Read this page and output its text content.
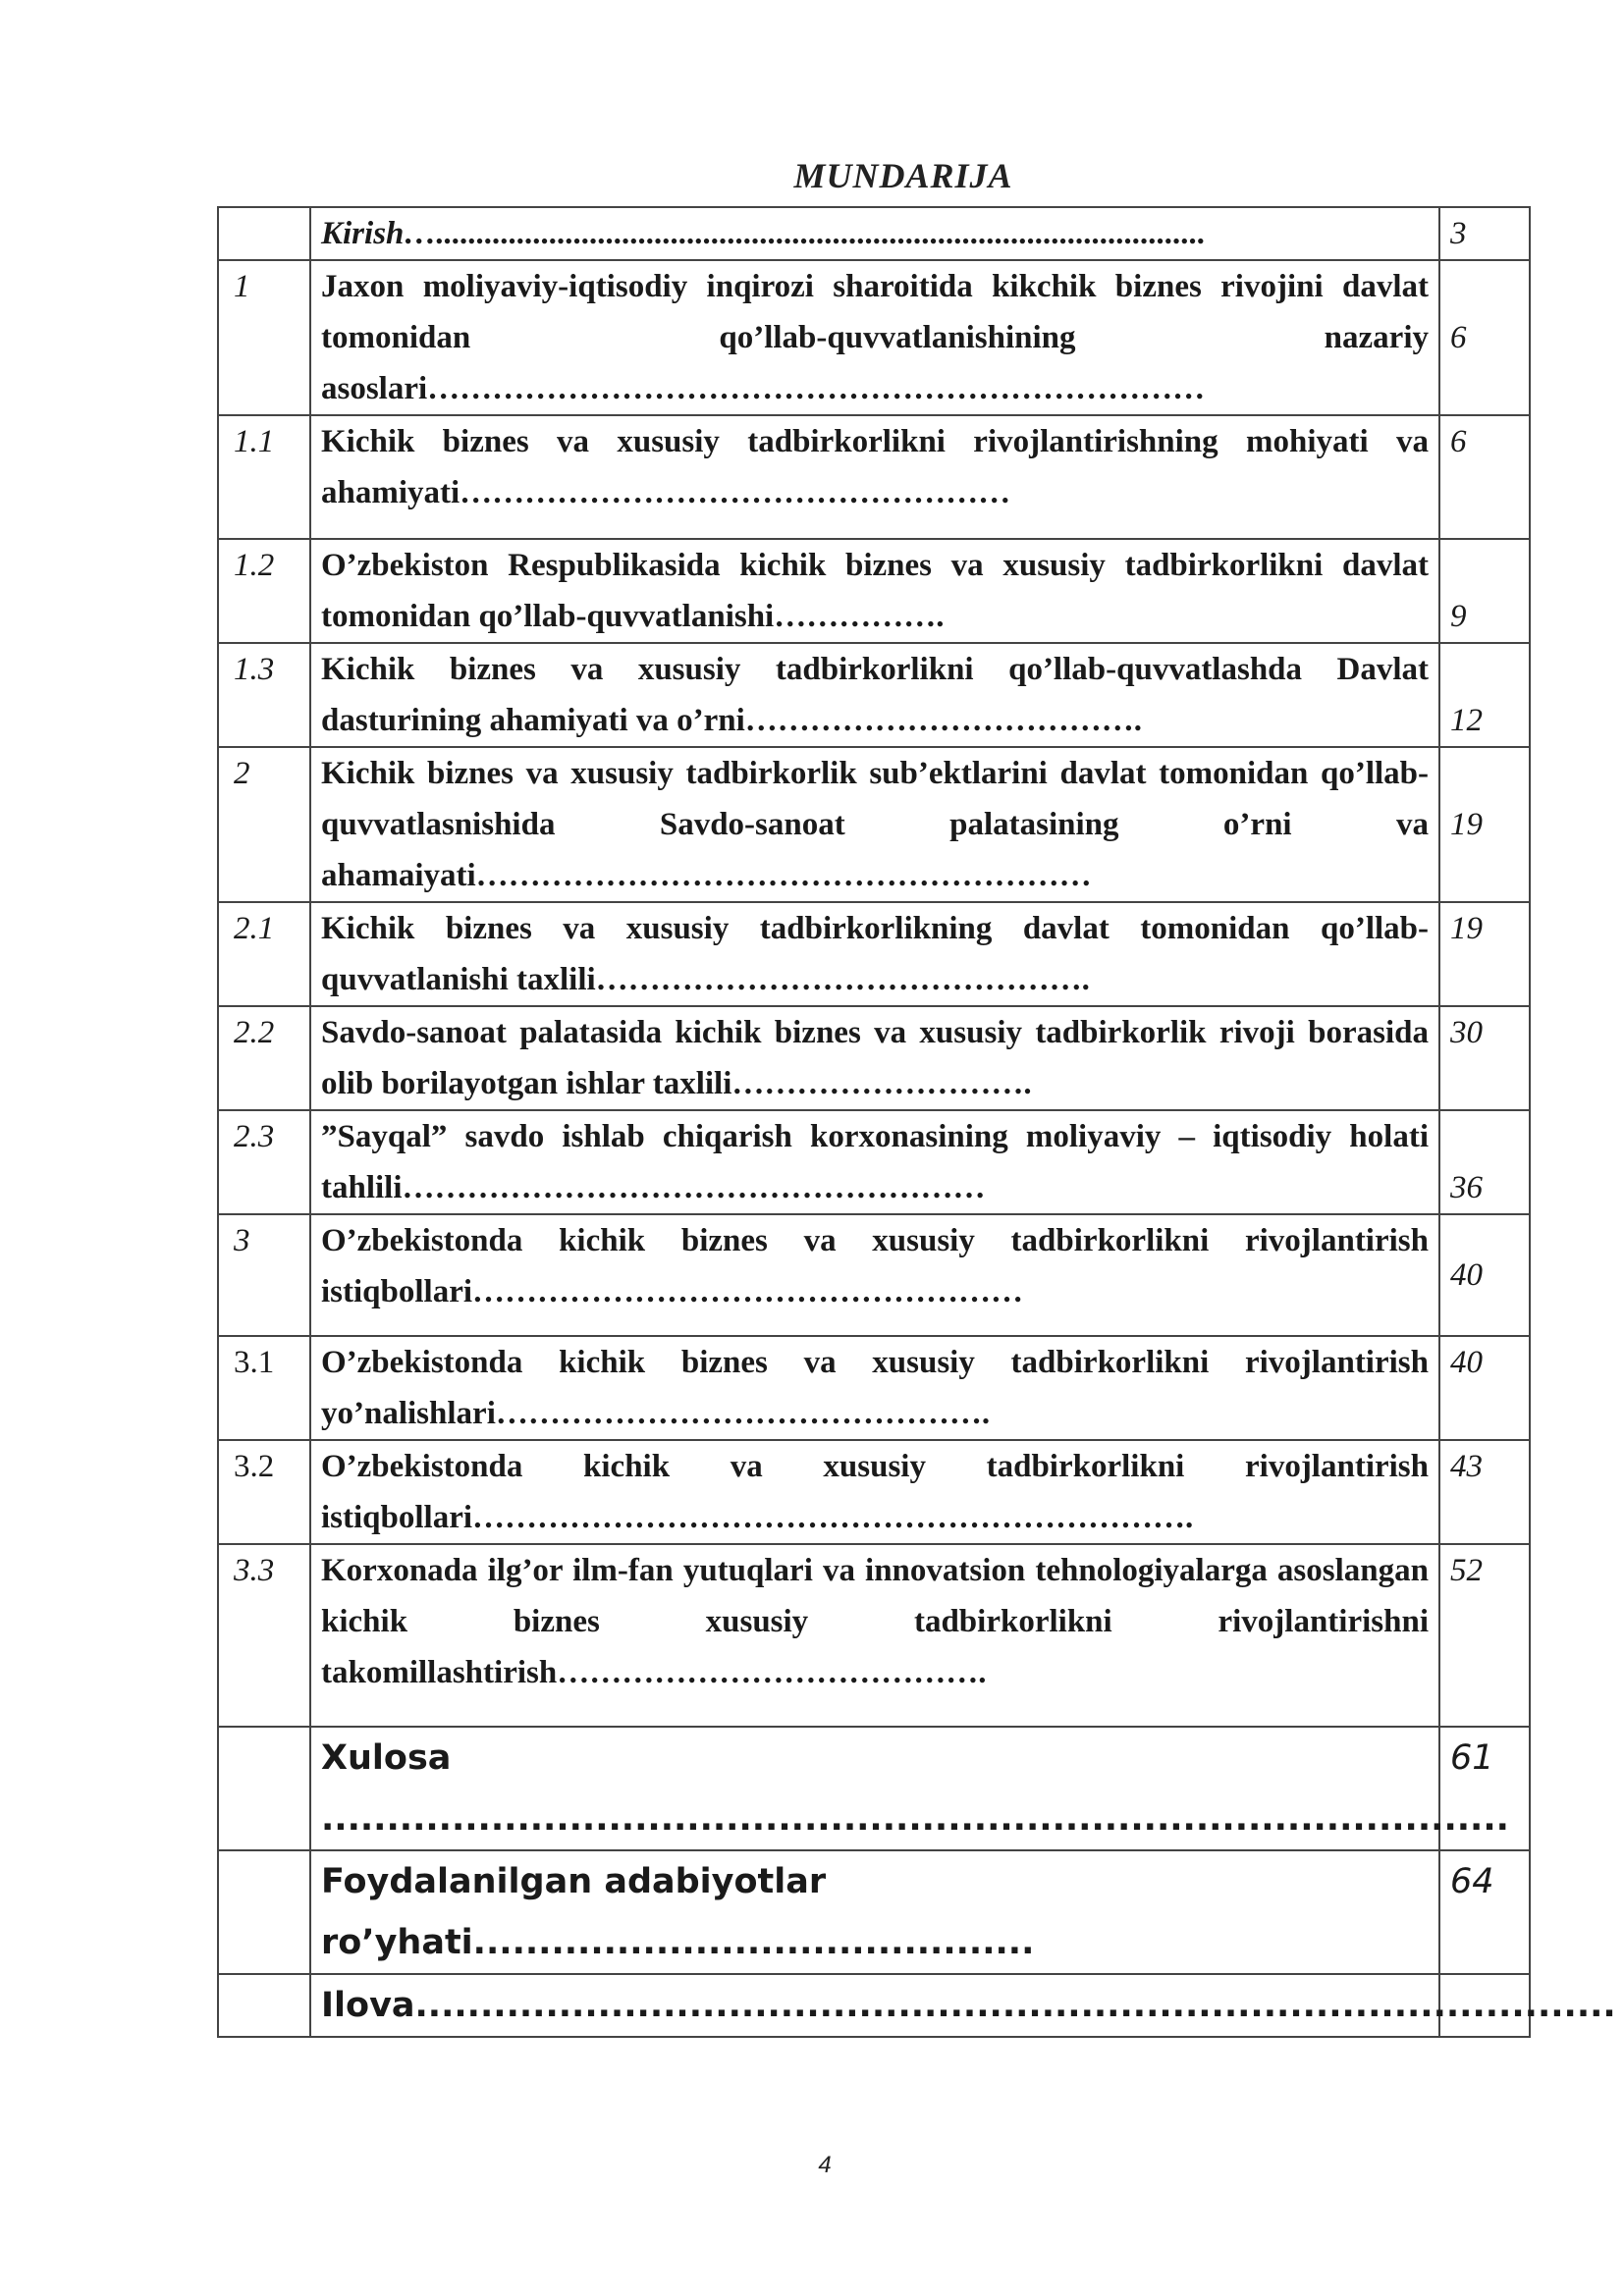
MUNDARIJA
	Kirish…...............................................................................................	3
1	Jaxon moliyaviy-iqtisodiy inqirozi sharoitida kikchik biznes rivojini davlat tomonidan qo’llab-quvvatlanishining nazariy asoslari………………………………………………………………	6
1.1	Kichik biznes va xususiy tadbirkorlikni rivojlantirishning mohiyati va ahamiyati……………………………………………	6
1.2	O’zbekiston Respublikasida kichik biznes va xususiy tadbirkorlikni davlat tomonidan qo’llab-quvvatlanishi…………….	9
1.3	Kichik biznes va xususiy tadbirkorlikni qo’llab-quvvatlashda Davlat dasturining ahamiyati va o’rni……………………………….	12
2	Kichik biznes va xususiy tadbirkorlik sub’ektlarini davlat tomonidan qo’llab-quvvatlasnishida Savdo-sanoat palatasining o’rni va ahamaiyati…………………………………………………	19
2.1	Kichik biznes va xususiy tadbirkorlikning davlat tomonidan qo’llab-quvvatlanishi taxlili……………………………………….	19
2.2	Savdo-sanoat palatasida kichik biznes va xususiy tadbirkorlik rivoji borasida olib borilayotgan ishlar taxlili……………………….	30
2.3	”Sayqal” savdo ishlab chiqarish korxonasining moliyaviy – iqtisodiy holati tahlili………………………………………………	36
3	O’zbekistonda kichik biznes va xususiy tadbirkorlikni rivojlantirish istiqbollari……………………………………………	40
3.1	O’zbekistonda kichik biznes va xususiy tadbirkorlikni rivojlantirish yo’nalishlari……………………………………….	40
3.2	O’zbekistonda kichik va xususiy tadbirkorlikni rivojlantirish istiqbollari………………………………………………………….	43
3.3	Korxonada ilg’or ilm-fan yutuqlari va innovatsion tehnologiyalarga asoslangan kichik biznes xususiy tadbirkorlikni rivojlantirishni takomillashtirish………………………………….	52
	Xulosa ...........................................................................................	61
	Foydalanilgan adabiyotlar ro’yhati...........................................	64
	Ilova............................................................................................	
4
